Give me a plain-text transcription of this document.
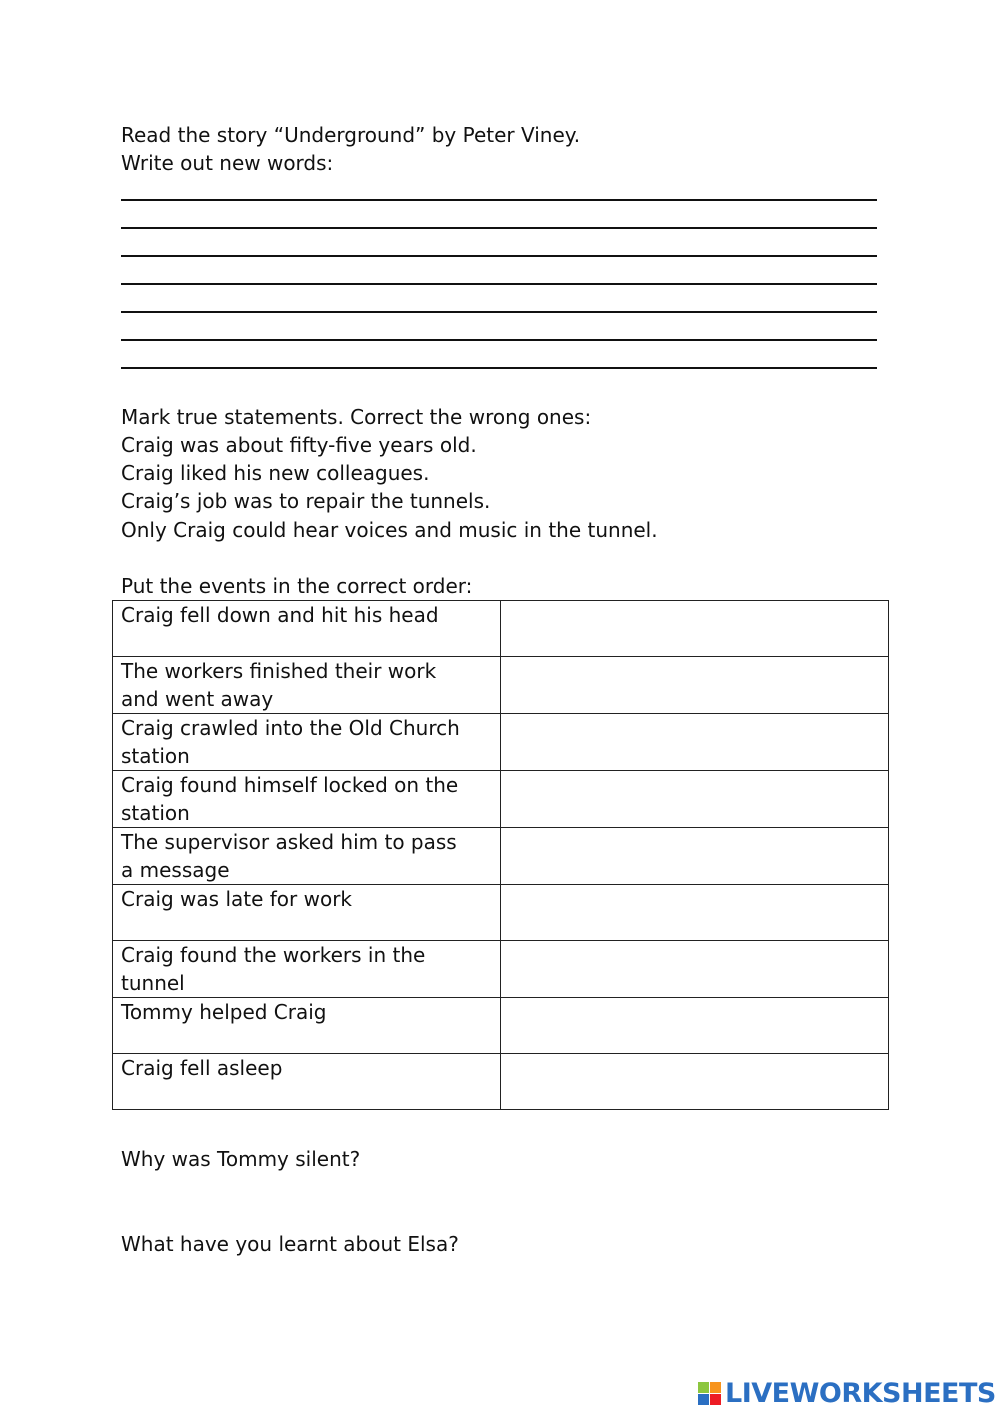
Read the story “Underground” by Peter Viney.
Write out new words:
Mark true statements. Correct the wrong ones:
Craig was about fifty-five years old.
Craig liked his new colleagues.
Craig’s job was to repair the tunnels.
Only Craig could hear voices and music in the tunnel.
Put the events in the correct order:
Craig fell down and hit his head	
The workers finished their work
and went away	
Craig crawled into the Old Church
station	
Craig found himself locked on the
station	
The supervisor asked him to pass
a message	
Craig was late for work	
Craig found the workers in the
tunnel	
Tommy helped Craig	
Craig fell asleep	
Why was Tommy silent?
What have you learnt about Elsa?
LIVEWORKSHEETS
